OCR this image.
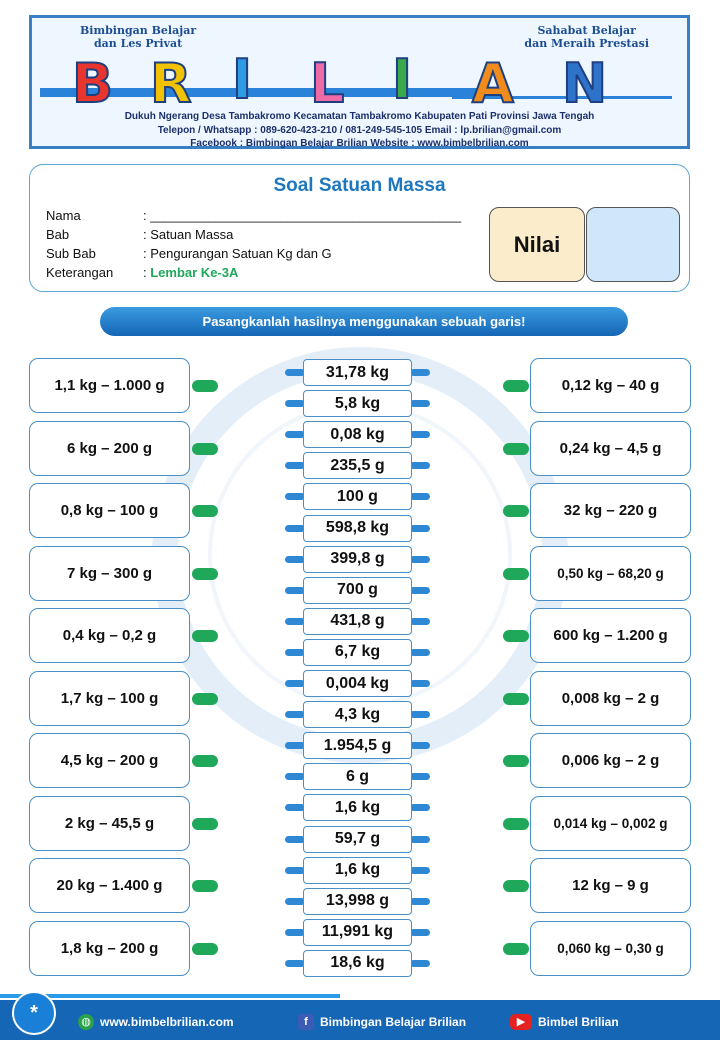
Bimbingan Belajar
dan Les Privat
Sahabat Belajar
dan Meraih Prestasi
B R I L I A N
Dukuh Ngerang Desa Tambakromo Kecamatan Tambakromo Kabupaten Pati Provinsi Jawa Tengah
Telepon / Whatsapp : 089-620-423-210 / 081-249-545-105 Email : lp.brilian@gmail.com
Facebook : Bimbingan Belajar Brilian Website : www.bimbelbrilian.com
Soal Satuan Massa
Nama	: ___________________________________________
Bab	: Satuan Massa
Sub Bab	: Pengurangan Satuan Kg dan G
Keterangan : Lembar Ke-3A
Nilai
Pasangkanlah hasilnya menggunakan sebuah garis!
1,1 kg – 1.000 g	0,12 kg – 40 g
6 kg – 200 g	0,24 kg – 4,5 g
0,8 kg – 100 g	32 kg – 220 g
7 kg – 300 g	0,50 kg – 68,20 g
0,4 kg – 0,2 g	600 kg – 1.200 g
1,7 kg – 100 g	0,008 kg – 2 g
4,5 kg – 200 g	0,006 kg – 2 g
2 kg – 45,5 g	0,014 kg – 0,002 g
20 kg – 1.400 g	12 kg – 9 g
1,8 kg – 200 g	0,060 kg – 0,30 g
31,78 kg
5,8 kg
0,08 kg
235,5 g
100 g
598,8 kg
399,8 g
700 g
431,8 g
6,7 kg
0,004 kg
4,3 kg
1.954,5 g
6 g
1,6 kg
59,7 g
1,6 kg
13,998 g
11,991 kg
18,6 kg
*	◍ www.bimbelbrilian.com	f	Bimbingan Belajar Brilian	▶	Bimbel Brilian
